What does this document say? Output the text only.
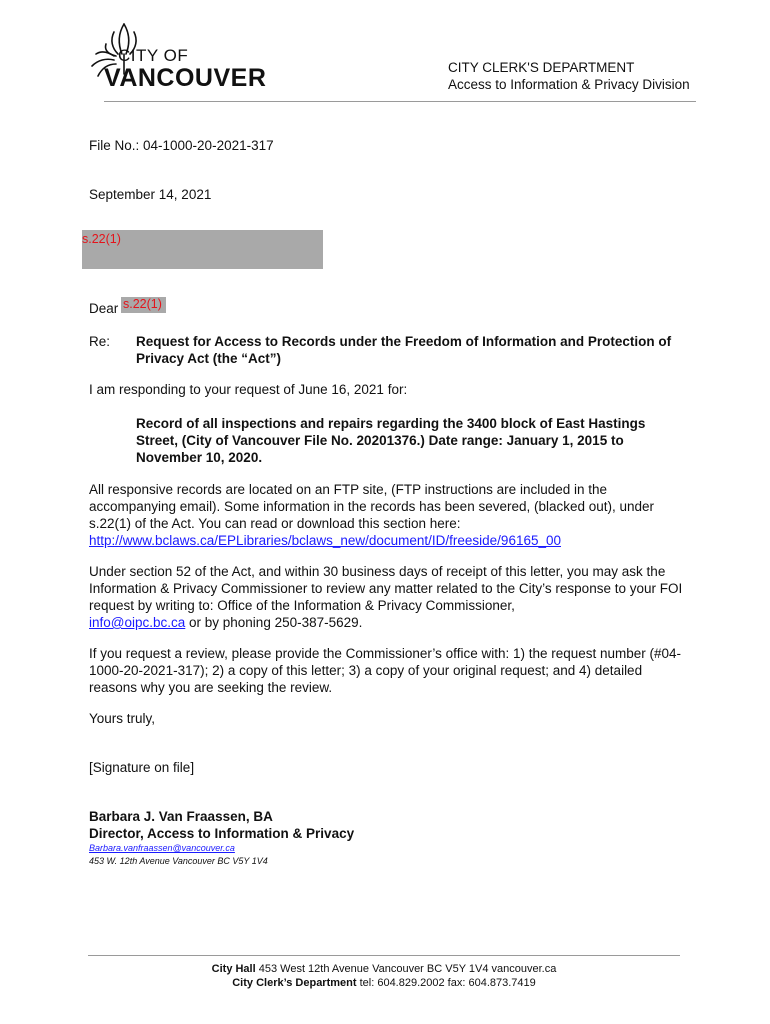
CITY OF
VANCOUVER	CITY CLERK'S DEPARTMENT
Access to Information & Privacy Division
File No.: 04-1000-20-2021-317
September 14, 2021
s.22(1)
Dear s.22(1)
Re: Request for Access to Records under the Freedom of Information and Protection of Privacy Act (the “Act”)
I am responding to your request of June 16, 2021 for:
Record of all inspections and repairs regarding the 3400 block of East Hastings Street, (City of Vancouver File No. 20201376.) Date range: January 1, 2015 to November 10, 2020.
All responsive records are located on an FTP site, (FTP instructions are included in the accompanying email). Some information in the records has been severed, (blacked out), under s.22(1) of the Act. You can read or download this section here:
http://www.bclaws.ca/EPLibraries/bclaws_new/document/ID/freeside/96165_00
Under section 52 of the Act, and within 30 business days of receipt of this letter, you may ask the Information & Privacy Commissioner to review any matter related to the City’s response to your FOI request by writing to: Office of the Information & Privacy Commissioner,
info@oipc.bc.ca or by phoning 250-387-5629.
If you request a review, please provide the Commissioner’s office with: 1) the request number (#04-1000-20-2021-317); 2) a copy of this letter; 3) a copy of your original request; and 4) detailed reasons why you are seeking the review.
Yours truly,
[Signature on file]
Barbara J. Van Fraassen, BA
Director, Access to Information & Privacy
Barbara.vanfraassen@vancouver.ca
453 W. 12th Avenue Vancouver BC V5Y 1V4
City Hall 453 West 12th Avenue Vancouver BC V5Y 1V4 vancouver.ca
City Clerk’s Department tel: 604.829.2002 fax: 604.873.7419
